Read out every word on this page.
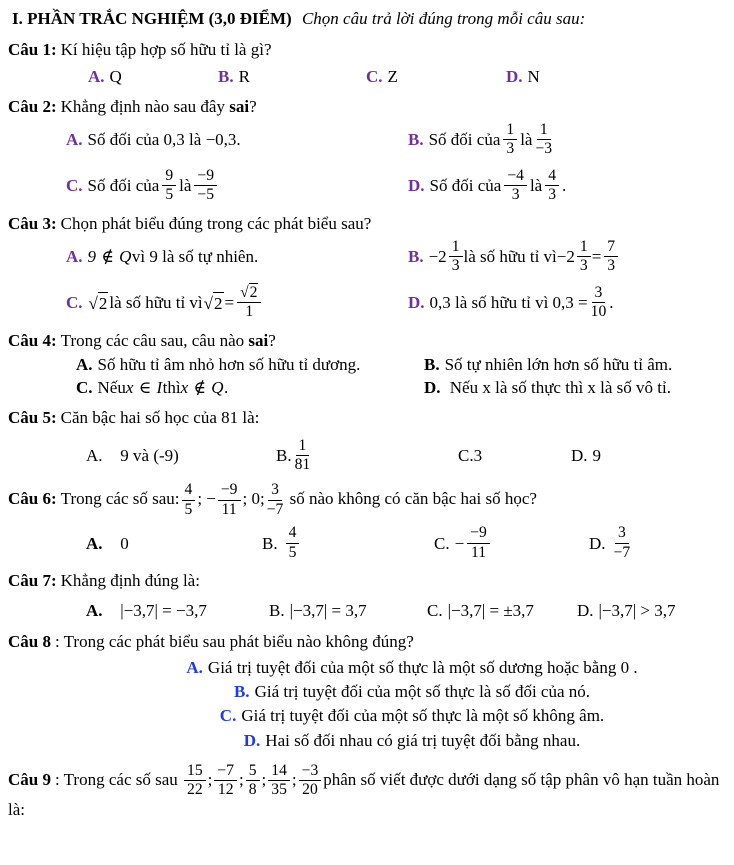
I. PHẦN TRẮC NGHIỆM (3,0 ĐIỂM) Chọn câu trả lời đúng trong mỗi câu sau:
Câu 1: Kí hiệu tập hợp số hữu tỉ là gì?
A. Q	B. R	C. Z	D. N
Câu 2: Khẳng định nào sau đây sai?
A. Số đối của 0,3 là −0,3.	B. Số đối của $\frac{1}{3}$ là $\frac{1}{-3}$
C. Số đối của $\frac{9}{5}$ là $\frac{-9}{-5}$	D. Số đối của $\frac{-4}{3}$ là $\frac{4}{3}$ .
Câu 3: Chọn phát biểu đúng trong các phát biểu sau?
A. 9 ∉ Q vì 9 là số tự nhiên.	B. $-2 \frac{1}{3}$ là số hữu tỉ vì $-2 \frac{1}{3} = \frac{7}{3}$
C. √ 2 là số hữu tỉ vì √ $2 = \frac{√2}{1}$	D. 0,3 là số hữu tỉ vì $0,3 = \frac{3}{10}$ .
Câu 4: Trong các câu sau, câu nào sai?
A. Số hữu tỉ âm nhỏ hơn số hữu tỉ dương.	B. Số tự nhiên lớn hơn số hữu tỉ âm.
C. Nếu x ∈ I thì x ∉ Q .	D. Nếu x là số thực thì x là số vô tỉ.
Câu 5: Căn bậc hai số học của 81 là:
A. 9 và (-9)	B. $\frac{1}{81}$	C. 3	D. 9
Câu 6: Trong các số sau: $\frac{4}{5}$ ; − $\frac{-9}{11}$ ; 0; $\frac{3}{-7}$ số nào không có căn bậc hai số học?
A. 0	B. $\frac{4}{5}$	C. − $\frac{-9}{11}$	D. $\frac{3}{-7}$
Câu 7: Khẳng định đúng là:
A. |−3,7| = −3,7	B. |−3,7| = 3,7	C. |−3,7| = ±3,7	D. |−3,7| > 3,7
Câu 8 : Trong các phát biểu sau phát biểu nào không đúng?
A. Giá trị tuyệt đối của một số thực là một số dương hoặc bằng 0 .
B. Giá trị tuyệt đối của một số thực là số đối của nó.
C. Giá trị tuyệt đối của một số thực là một số không âm.
D. Hai số đối nhau có giá trị tuyệt đối bằng nhau.
Câu 9 : Trong các số sau $\frac{15}{22}$ ; $\frac{-7}{12}$ ; $\frac{5}{8}$ ; $\frac{14}{35}$ ; $\frac{-3}{20}$ phân số viết được dưới dạng số tập phân vô hạn tuần hoàn là:
